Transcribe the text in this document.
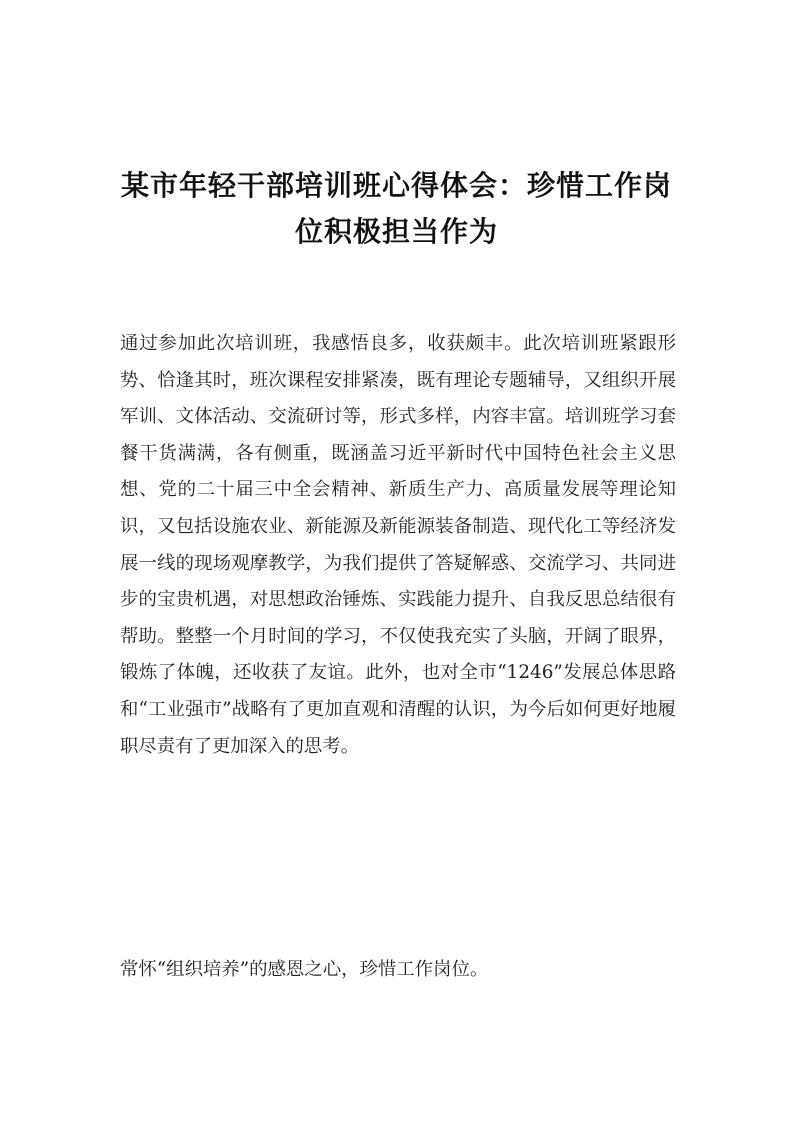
某市年轻干部培训班心得体会：珍惜工作岗位积极担当作为

通过参加此次培训班，我感悟良多，收获颇丰。此次培训班紧跟形势、恰逢其时，班次课程安排紧凑，既有理论专题辅导，又组织开展军训、文体活动、交流研讨等，形式多样，内容丰富。培训班学习套餐干货满满，各有侧重，既涵盖习近平新时代中国特色社会主义思想、党的二十届三中全会精神、新质生产力、高质量发展等理论知识，又包括设施农业、新能源及新能源装备制造、现代化工等经济发展一线的现场观摩教学，为我们提供了答疑解惑、交流学习、共同进步的宝贵机遇，对思想政治锤炼、实践能力提升、自我反思总结很有帮助。整整一个月时间的学习，不仅使我充实了头脑，开阔了眼界，锻炼了体魄，还收获了友谊。此外，也对全市“1246”发展总体思路和“工业强市”战略有了更加直观和清醒的认识，为今后如何更好地履职尽责有了更加深入的思考。

常怀“组织培养”的感恩之心，珍惜工作岗位。
